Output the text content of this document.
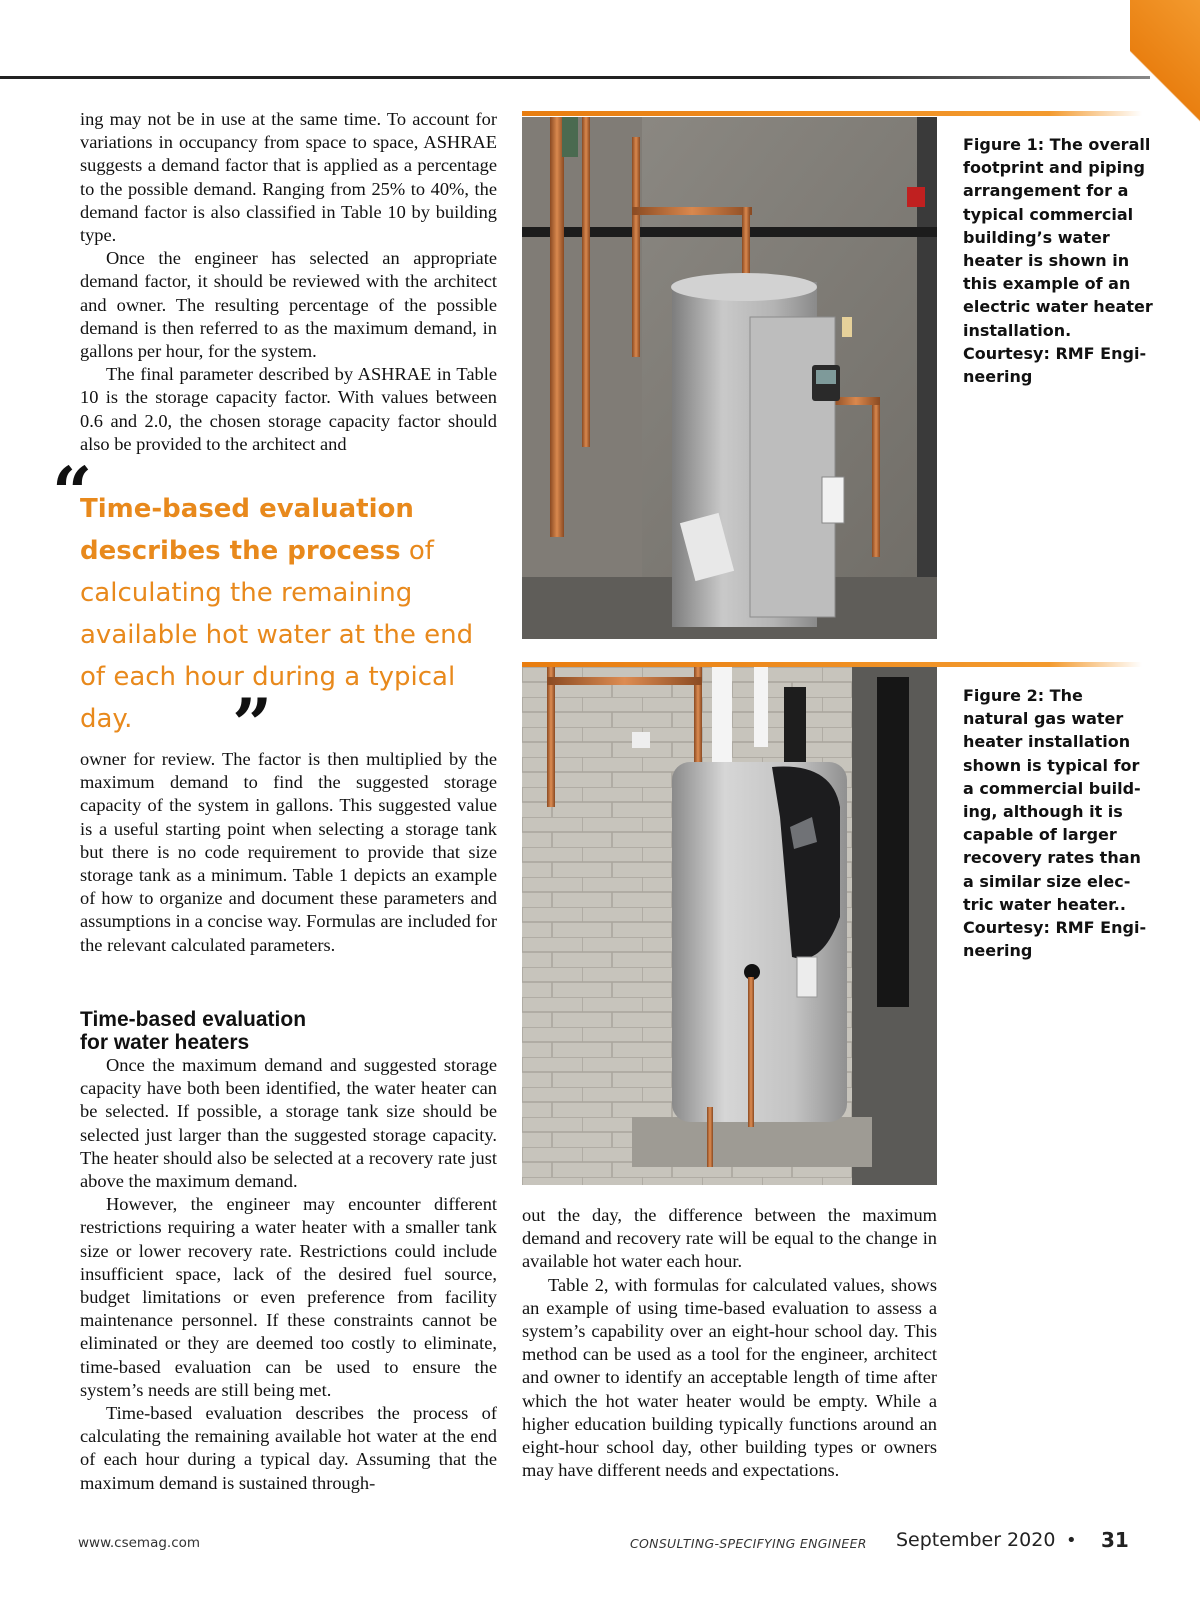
ing may not be in use at the same time. To account for variations in occupancy from space to space, ASHRAE suggests a demand factor that is applied as a percentage to the possible demand. Ranging from 25% to 40%, the demand factor is also classified in Table 10 by building type.

Once the engineer has selected an appropriate demand factor, it should be reviewed with the architect and owner. The resulting percentage of the possible demand is then referred to as the maximum demand, in gallons per hour, for the system.

The final parameter described by ASHRAE in Table 10 is the storage capacity factor. With values between 0.6 and 2.0, the chosen storage capacity factor should also be provided to the architect and

“
Time-based evaluation describes the process of calculating the remaining available hot water at the end of each hour during a typical day.	”

owner for review. The factor is then multiplied by the maximum demand to find the suggested storage capacity of the system in gallons. This suggested value is a useful starting point when selecting a storage tank but there is no code requirement to provide that size storage tank as a minimum. Table 1 depicts an example of how to organize and document these parameters and assumptions in a concise way. Formulas are included for the relevant calculated parameters.

Time-based evaluation
for water heaters

Once the maximum demand and suggested storage capacity have both been identified, the water heater can be selected. If possible, a storage tank size should be selected just larger than the suggested storage capacity. The heater should also be selected at a recovery rate just above the maximum demand.

However, the engineer may encounter different restrictions requiring a water heater with a smaller tank size or lower recovery rate. Restrictions could include insufficient space, lack of the desired fuel source, budget limitations or even preference from facility maintenance personnel. If these constraints cannot be eliminated or they are deemed too costly to eliminate, time-based evaluation can be used to ensure the system’s needs are still being met.

Time-based evaluation describes the process of calculating the remaining available hot water at the end of each hour during a typical day. Assuming that the maximum demand is sustained through-

Figure 1: The overall footprint and piping arrangement for a typical commercial building’s water heater is shown in this example of an electric water heater installation. Courtesy: RMF Engineering

Figure 2: The natural gas water heater installation shown is typical for a commercial building, although it is capable of larger recovery rates than a similar size electric water heater.. Courtesy: RMF Engineering

out the day, the difference between the maximum demand and recovery rate will be equal to the change in available hot water each hour.

Table 2, with formulas for calculated values, shows an example of using time-based evaluation to assess a system’s capability over an eight-hour school day. This method can be used as a tool for the engineer, architect and owner to identify an acceptable length of time after which the hot water heater would be empty. While a higher education building typically functions around an eight-hour school day, other building types or owners may have different needs and expectations.

www.csemag.com	CONSULTING-SPECIFYING ENGINEER September 2020 • 31
